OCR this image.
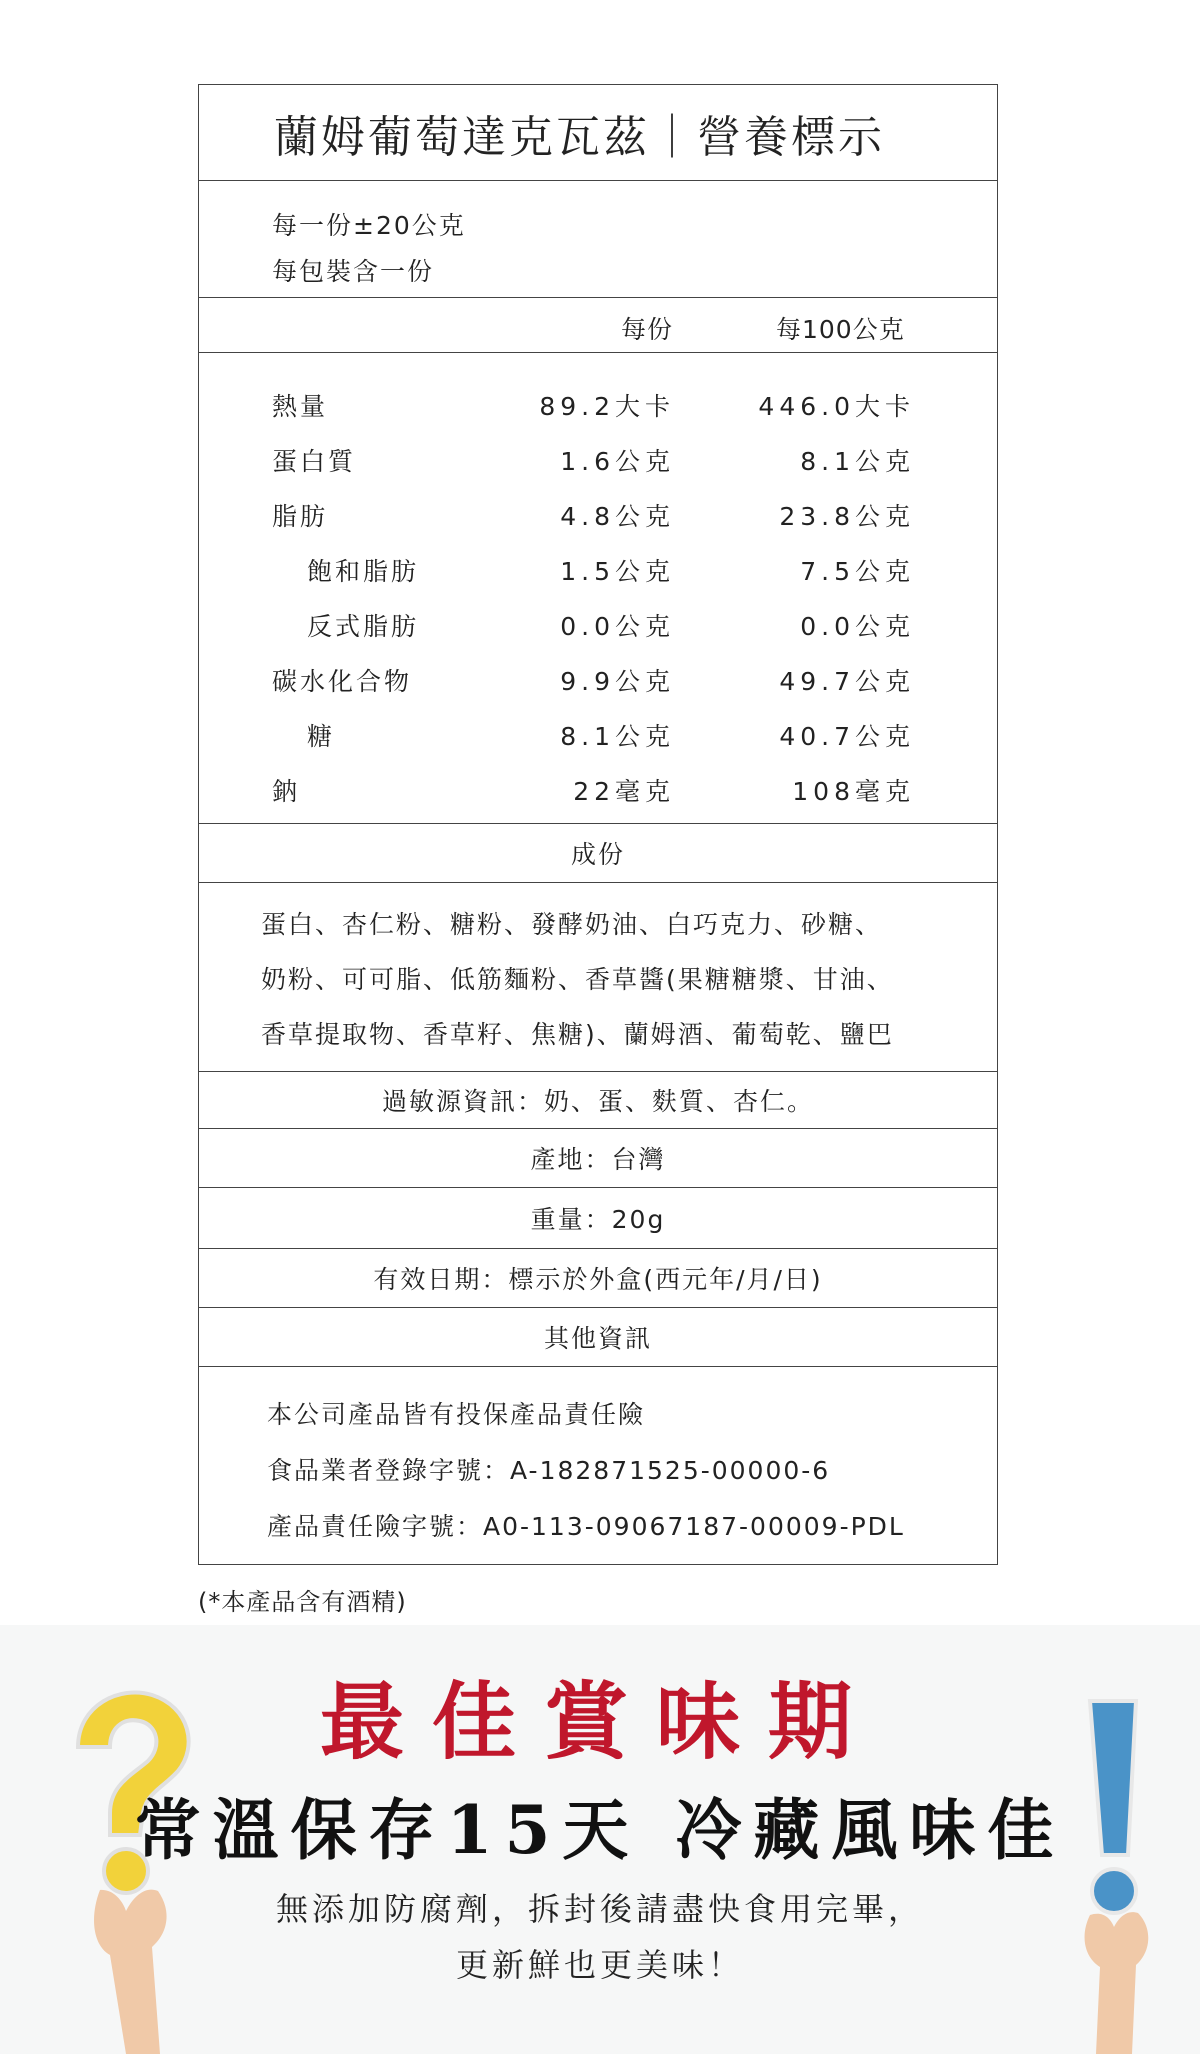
蘭姆葡萄達克瓦茲｜營養標示
每一份±20公克
每包裝含一份
每份	每100公克
熱量	89.2大卡	446.0大卡
蛋白質	1.6公克	8.1公克
脂肪	4.8公克	23.8公克
飽和脂肪	1.5公克	7.5公克
反式脂肪	0.0公克	0.0公克
碳水化合物	9.9公克	49.7公克
糖	8.1公克	40.7公克
鈉	22毫克	108毫克
成份
蛋白、杏仁粉、糖粉、發酵奶油、白巧克力、砂糖、
奶粉、可可脂、低筋麵粉、香草醬(果糖糖漿、甘油、
香草提取物、香草籽、焦糖)、蘭姆酒、葡萄乾、鹽巴
過敏源資訊：奶、蛋、麩質、杏仁。
產地：台灣
重量：20g
有效日期：標示於外盒(西元年/月/日)
其他資訊
本公司產品皆有投保產品責任險
食品業者登錄字號：A-182871525-00000-6
產品責任險字號：A0-113-09067187-00009-PDL
(*本產品含有酒精)
最佳賞味期
常溫保存15天 冷藏風味佳
無添加防腐劑，拆封後請盡快食用完畢，
更新鮮也更美味！
